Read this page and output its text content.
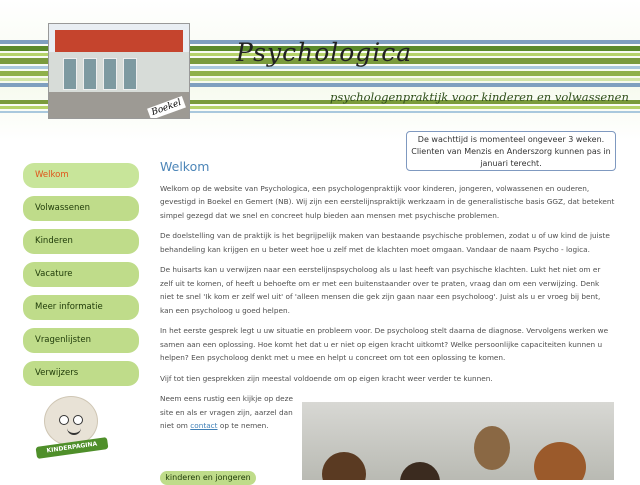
Boekel
Psychologica
psychologenpraktijk voor kinderen en volwassenen
De wachttijd is momenteel ongeveer 3 weken.
Clienten van Menzis en Anderszorg kunnen pas in januari terecht.
Welkom
Volwassenen
Kinderen
Vacature
Meer informatie
Vragenlijsten
Verwijzers
KINDERPAGINA
Welkom

Welkom op de website van Psychologica, een psychologenpraktijk voor kinderen, jongeren, volwassenen en ouderen, gevestigd in Boekel en Gemert (NB). Wij zijn een eerstelijnspraktijk werkzaam in de generalistische basis GGZ, dat betekent simpel gezegd dat we snel en concreet hulp bieden aan mensen met psychische problemen.

De doelstelling van de praktijk is het begrijpelijk maken van bestaande psychische problemen, zodat u of uw kind de juiste behandeling kan krijgen en u beter weet hoe u zelf met de klachten moet omgaan. Vandaar de naam Psycho - logica.

De huisarts kan u verwijzen naar een eerstelijnspsycholoog als u last heeft van psychische klachten. Lukt het niet om er zelf uit te komen, of heeft u behoefte om er met een buitenstaander over te praten, vraag dan om een verwijzing. Denk niet te snel 'Ik kom er zelf wel uit' of 'alleen mensen die gek zijn gaan naar een psycholoog'. Juist als u er vroeg bij bent, kan een psycholoog u goed helpen.

In het eerste gesprek legt u uw situatie en probleem voor. De psycholoog stelt daarna de diagnose. Vervolgens werken we samen aan een oplossing. Hoe komt het dat u er niet op eigen kracht uitkomt? Welke persoonlijke capaciteiten kunnen u helpen? Een psycholoog denkt met u mee en helpt u concreet om tot een oplossing te komen.

Vijf tot tien gesprekken zijn meestal voldoende om op eigen kracht weer verder te kunnen.

Neem eens rustig een kijkje op deze site en als er vragen zijn, aarzel dan niet om contact op te nemen.

kinderen en jongeren
